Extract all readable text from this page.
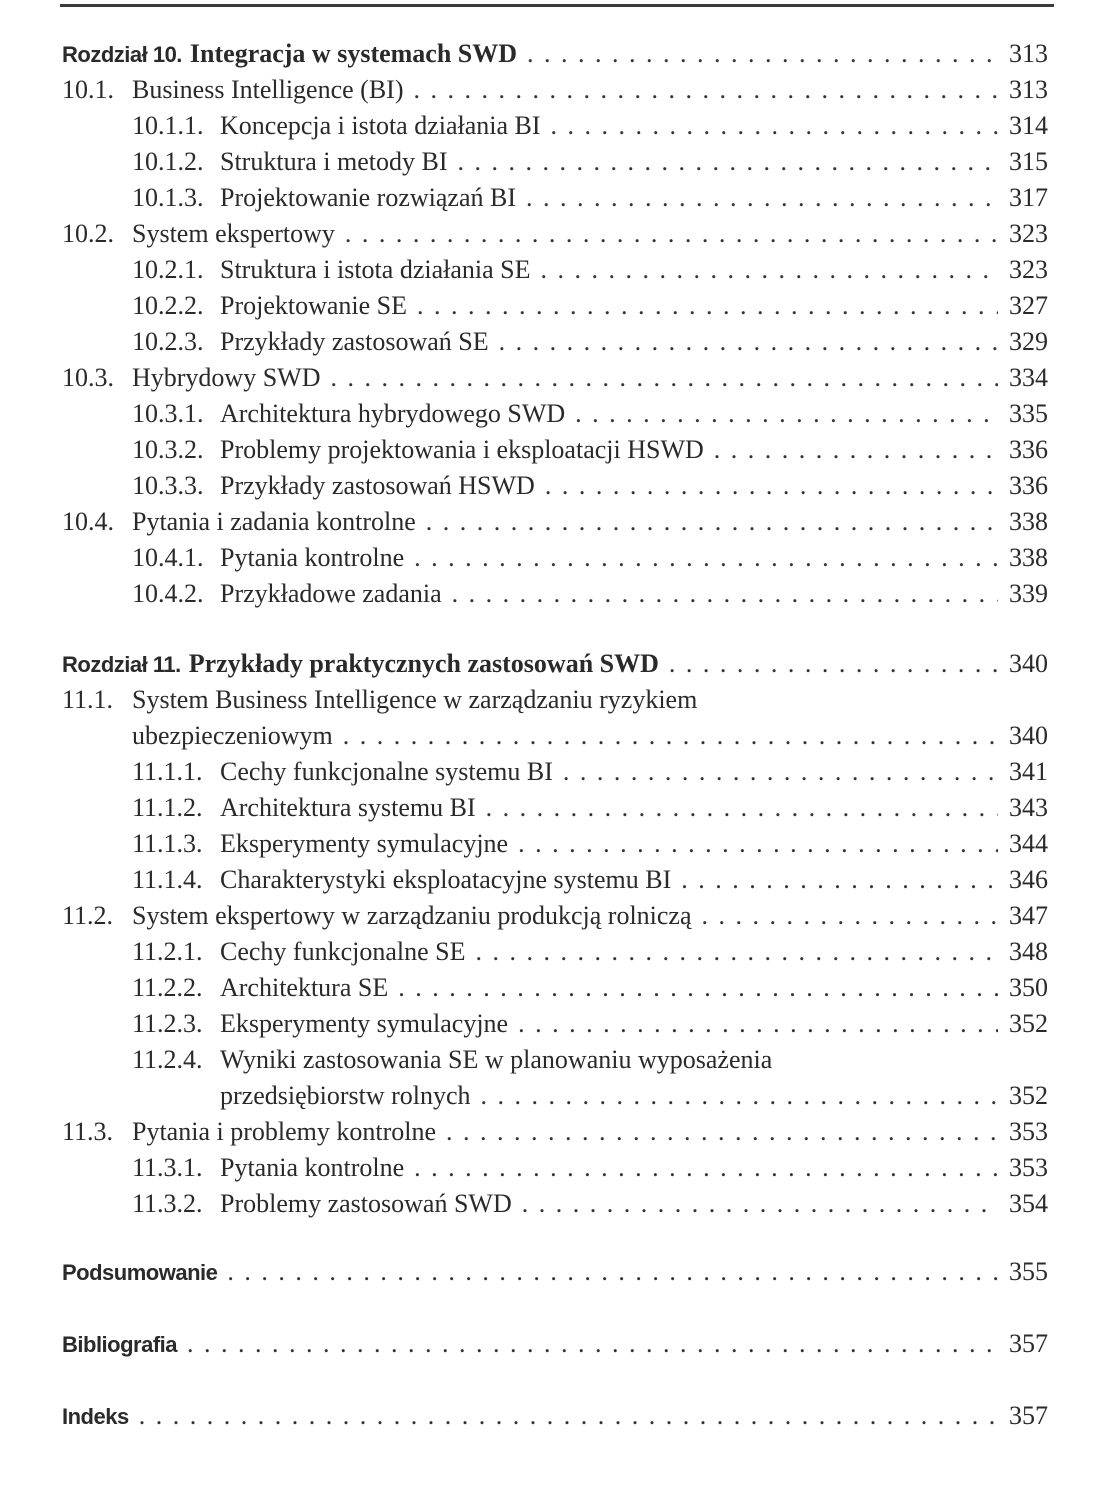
Rozdział 10. Integracja w systemach SWD . . .	313
10.1. Business Intelligence (BI) . . .	313
10.1.1. Koncepcja i istota działania BI . . .	314
10.1.2. Struktura i metody BI . . .	315
10.1.3. Projektowanie rozwiązań BI . . .	317
10.2. System ekspertowy . . .	323
10.2.1. Struktura i istota działania SE . . .	323
10.2.2. Projektowanie SE . . .	327
10.2.3. Przykłady zastosowań SE . . .	329
10.3. Hybrydowy SWD . . .	334
10.3.1. Architektura hybrydowego SWD . . .	335
10.3.2. Problemy projektowania i eksploatacji HSWD . . .	336
10.3.3. Przykłady zastosowań HSWD . . .	336
10.4. Pytania i zadania kontrolne . . .	338
10.4.1. Pytania kontrolne . . .	338
10.4.2. Przykładowe zadania . . .	339
Rozdział 11. Przykłady praktycznych zastosowań SWD . . .	340
11.1. System Business Intelligence w zarządzaniu ryzykiem
ubezpieczeniowym . . .	340
11.1.1. Cechy funkcjonalne systemu BI . . .	341
11.1.2. Architektura systemu BI . . .	343
11.1.3. Eksperymenty symulacyjne . . .	344
11.1.4. Charakterystyki eksploatacyjne systemu BI . . .	346
11.2. System ekspertowy w zarządzaniu produkcją rolniczą . . .	347
11.2.1. Cechy funkcjonalne SE . . .	348
11.2.2. Architektura SE . . .	350
11.2.3. Eksperymenty symulacyjne . . .	352
11.2.4. Wyniki zastosowania SE w planowaniu wyposażenia
przedsiębiorstw rolnych . . .	352
11.3. Pytania i problemy kontrolne . . .	353
11.3.1. Pytania kontrolne . . .	353
11.3.2. Problemy zastosowań SWD . . .	354
Podsumowanie . . .	355
Bibliografia . . .	357
Indeks . . .	357
